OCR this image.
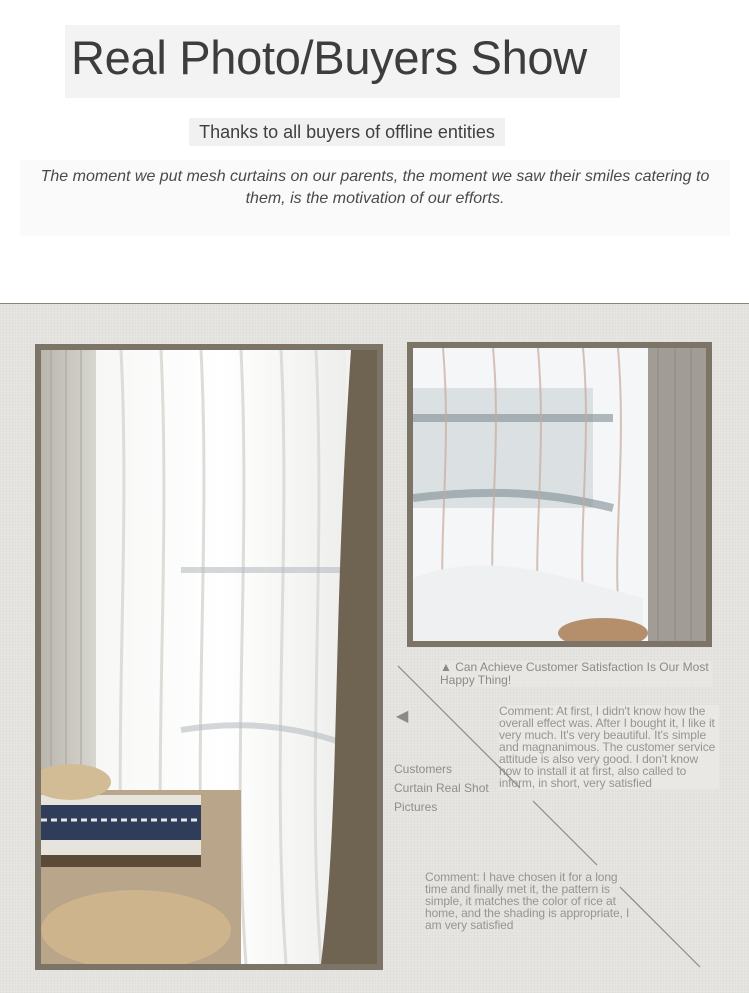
Real Photo/Buyers Show
Thanks to all buyers of offline entities

The moment we put mesh curtains on our parents, the moment we saw their smiles catering to them, is the motivation of our efforts.

▲ Can Achieve Customer Satisfaction Is Our Most Happy Thing!
◀	Comment: At first, I didn't know how the overall effect was. After I bought it, I like it very much. It's very beautiful. It's simple and magnanimous. The customer service attitude is also very good. I don't know how to install it at first, also called to inform, in short, very satisfied
Customers
Curtain Real Shot
Pictures
Comment: I have chosen it for a long time and finally met it, the pattern is simple, it matches the color of rice at home, and the shading is appropriate, I am very satisfied
